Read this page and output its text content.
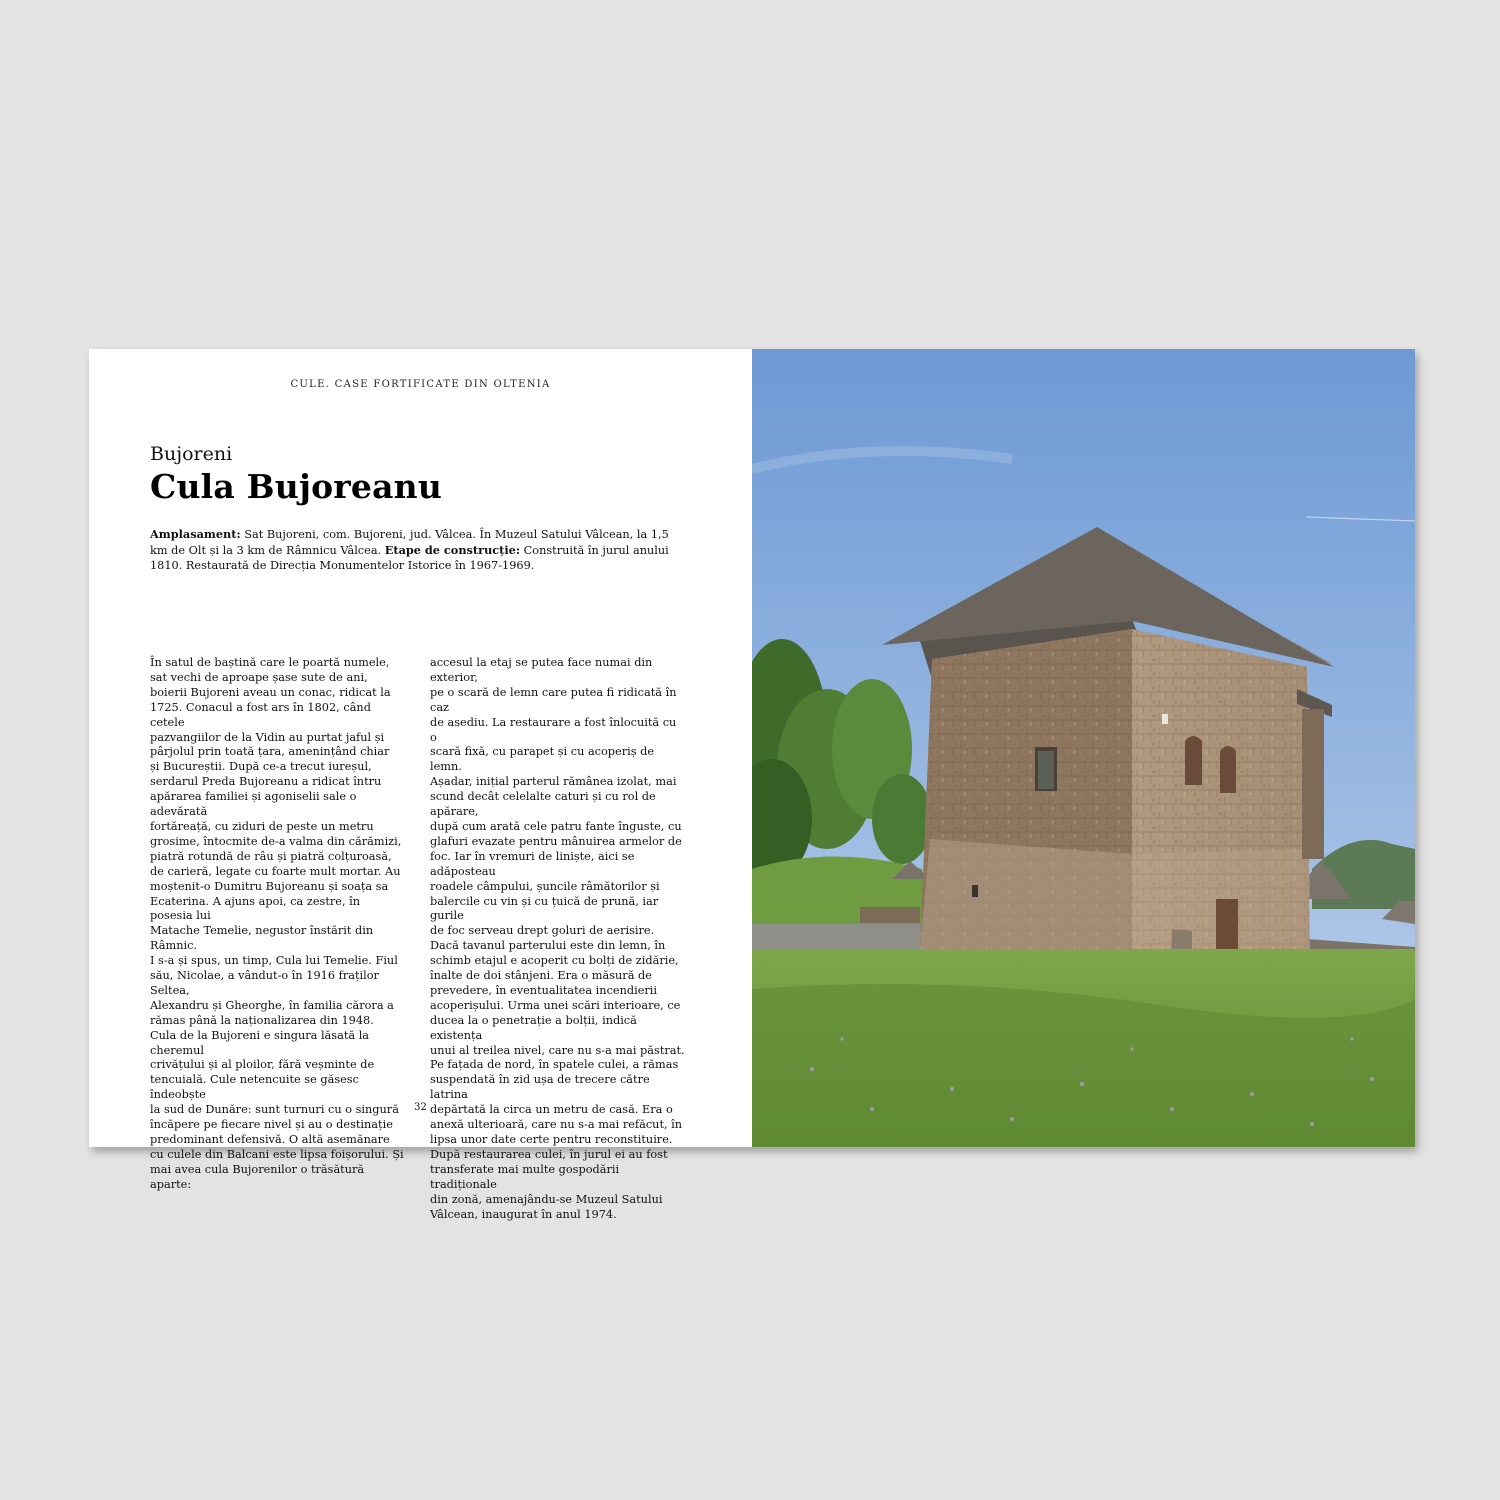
CULE. CASE FORTIFICATE DIN OLTENIA
Bujoreni
Cula Bujoreanu
Amplasament: Sat Bujoreni, com. Bujoreni, jud. Vâlcea. În Muzeul Satului Vâlcean, la 1,5 km de Olt și la 3 km de Râmnicu Vâlcea. Etape de construcție: Construită în jurul anului 1810. Restaurată de Direcția Monumentelor Istorice în 1967-1969.
În satul de baștină care le poartă numele,
sat vechi de aproape șase sute de ani,
boierii Bujoreni aveau un conac, ridicat la
1725. Conacul a fost ars în 1802, când cetele
pazvangiilor de la Vidin au purtat jaful și
pârjolul prin toată țara, amenințând chiar
și Bucureștii. După ce-a trecut iureșul,
serdarul Preda Bujoreanu a ridicat întru
apărarea familiei și agoniselii sale o adevărată
fortăreață, cu ziduri de peste un metru
grosime, întocmite de-a valma din cărămizi,
piatră rotundă de râu și piatră colțuroasă,
de carieră, legate cu foarte mult mortar. Au
moștenit-o Dumitru Bujoreanu și soața sa
Ecaterina. A ajuns apoi, ca zestre, în posesia lui
Matache Temelie, negustor înstărit din Râmnic.
I s-a și spus, un timp, Cula lui Temelie. Fiul
său, Nicolae, a vândut-o în 1916 fraților Seltea,
Alexandru și Gheorghe, în familia cărora a
rămas până la naționalizarea din 1948.
Cula de la Bujoreni e singura lăsată la cheremul
crivățului și al ploilor, fără veșminte de
tencuială. Cule netencuite se găsesc îndeobște
la sud de Dunăre: sunt turnuri cu o singură
încăpere pe fiecare nivel și au o destinație
predominant defensivă. O altă asemănare
cu culele din Balcani este lipsa foișorului. Și
mai avea cula Bujorenilor o trăsătură aparte:
accesul la etaj se putea face numai din exterior,
pe o scară de lemn care putea fi ridicată în caz
de asediu. La restaurare a fost înlocuită cu o
scară fixă, cu parapet și cu acoperiș de lemn.
Așadar, inițial parterul rămânea izolat, mai
scund decât celelalte caturi și cu rol de apărare,
după cum arată cele patru fante înguste, cu
glafuri evazate pentru mânuirea armelor de
foc. Iar în vremuri de liniște, aici se adăposteau
roadele câmpului, șuncile râmătorilor și
balercile cu vin și cu țuică de prună, iar gurile
de foc serveau drept goluri de aerisire.
Dacă tavanul parterului este din lemn, în
schimb etajul e acoperit cu bolți de zidărie,
înalte de doi stânjeni. Era o măsură de
prevedere, în eventualitatea incendierii
acoperișului. Urma unei scări interioare, ce
ducea la o penetrație a bolții, indică existența
unui al treilea nivel, care nu s-a mai păstrat.
Pe fațada de nord, în spatele culei, a rămas
suspendată în zid ușa de trecere către latrina
depărtată la circa un metru de casă. Era o
anexă ulterioară, care nu s-a mai refăcut, în
lipsa unor date certe pentru reconstituire.
După restaurarea culei, în jurul ei au fost
transferate mai multe gospodării tradiționale
din zonă, amenajându-se Muzeul Satului
Vâlcean, inaugurat în anul 1974.
32
